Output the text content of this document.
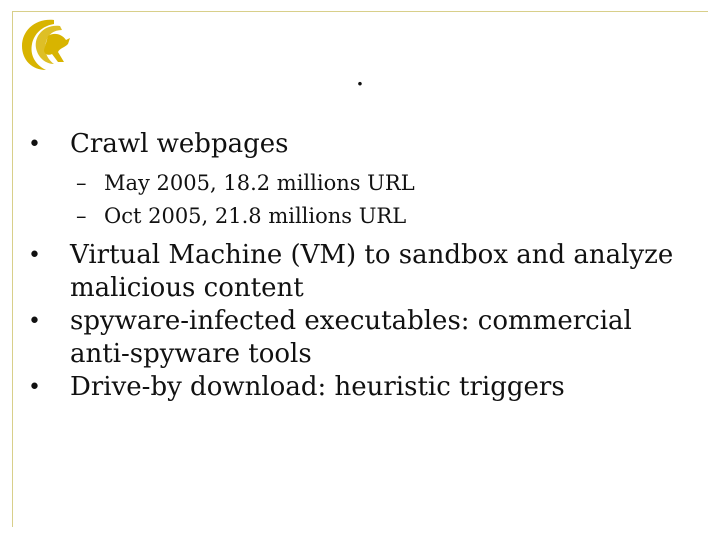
.
• Crawl webpages
– May 2005, 18.2 millions URL
– Oct 2005, 21.8 millions URL
• Virtual Machine (VM) to sandbox and analyze malicious content
• spyware-infected executables: commercial anti-spyware tools
• Drive-by download: heuristic triggers
